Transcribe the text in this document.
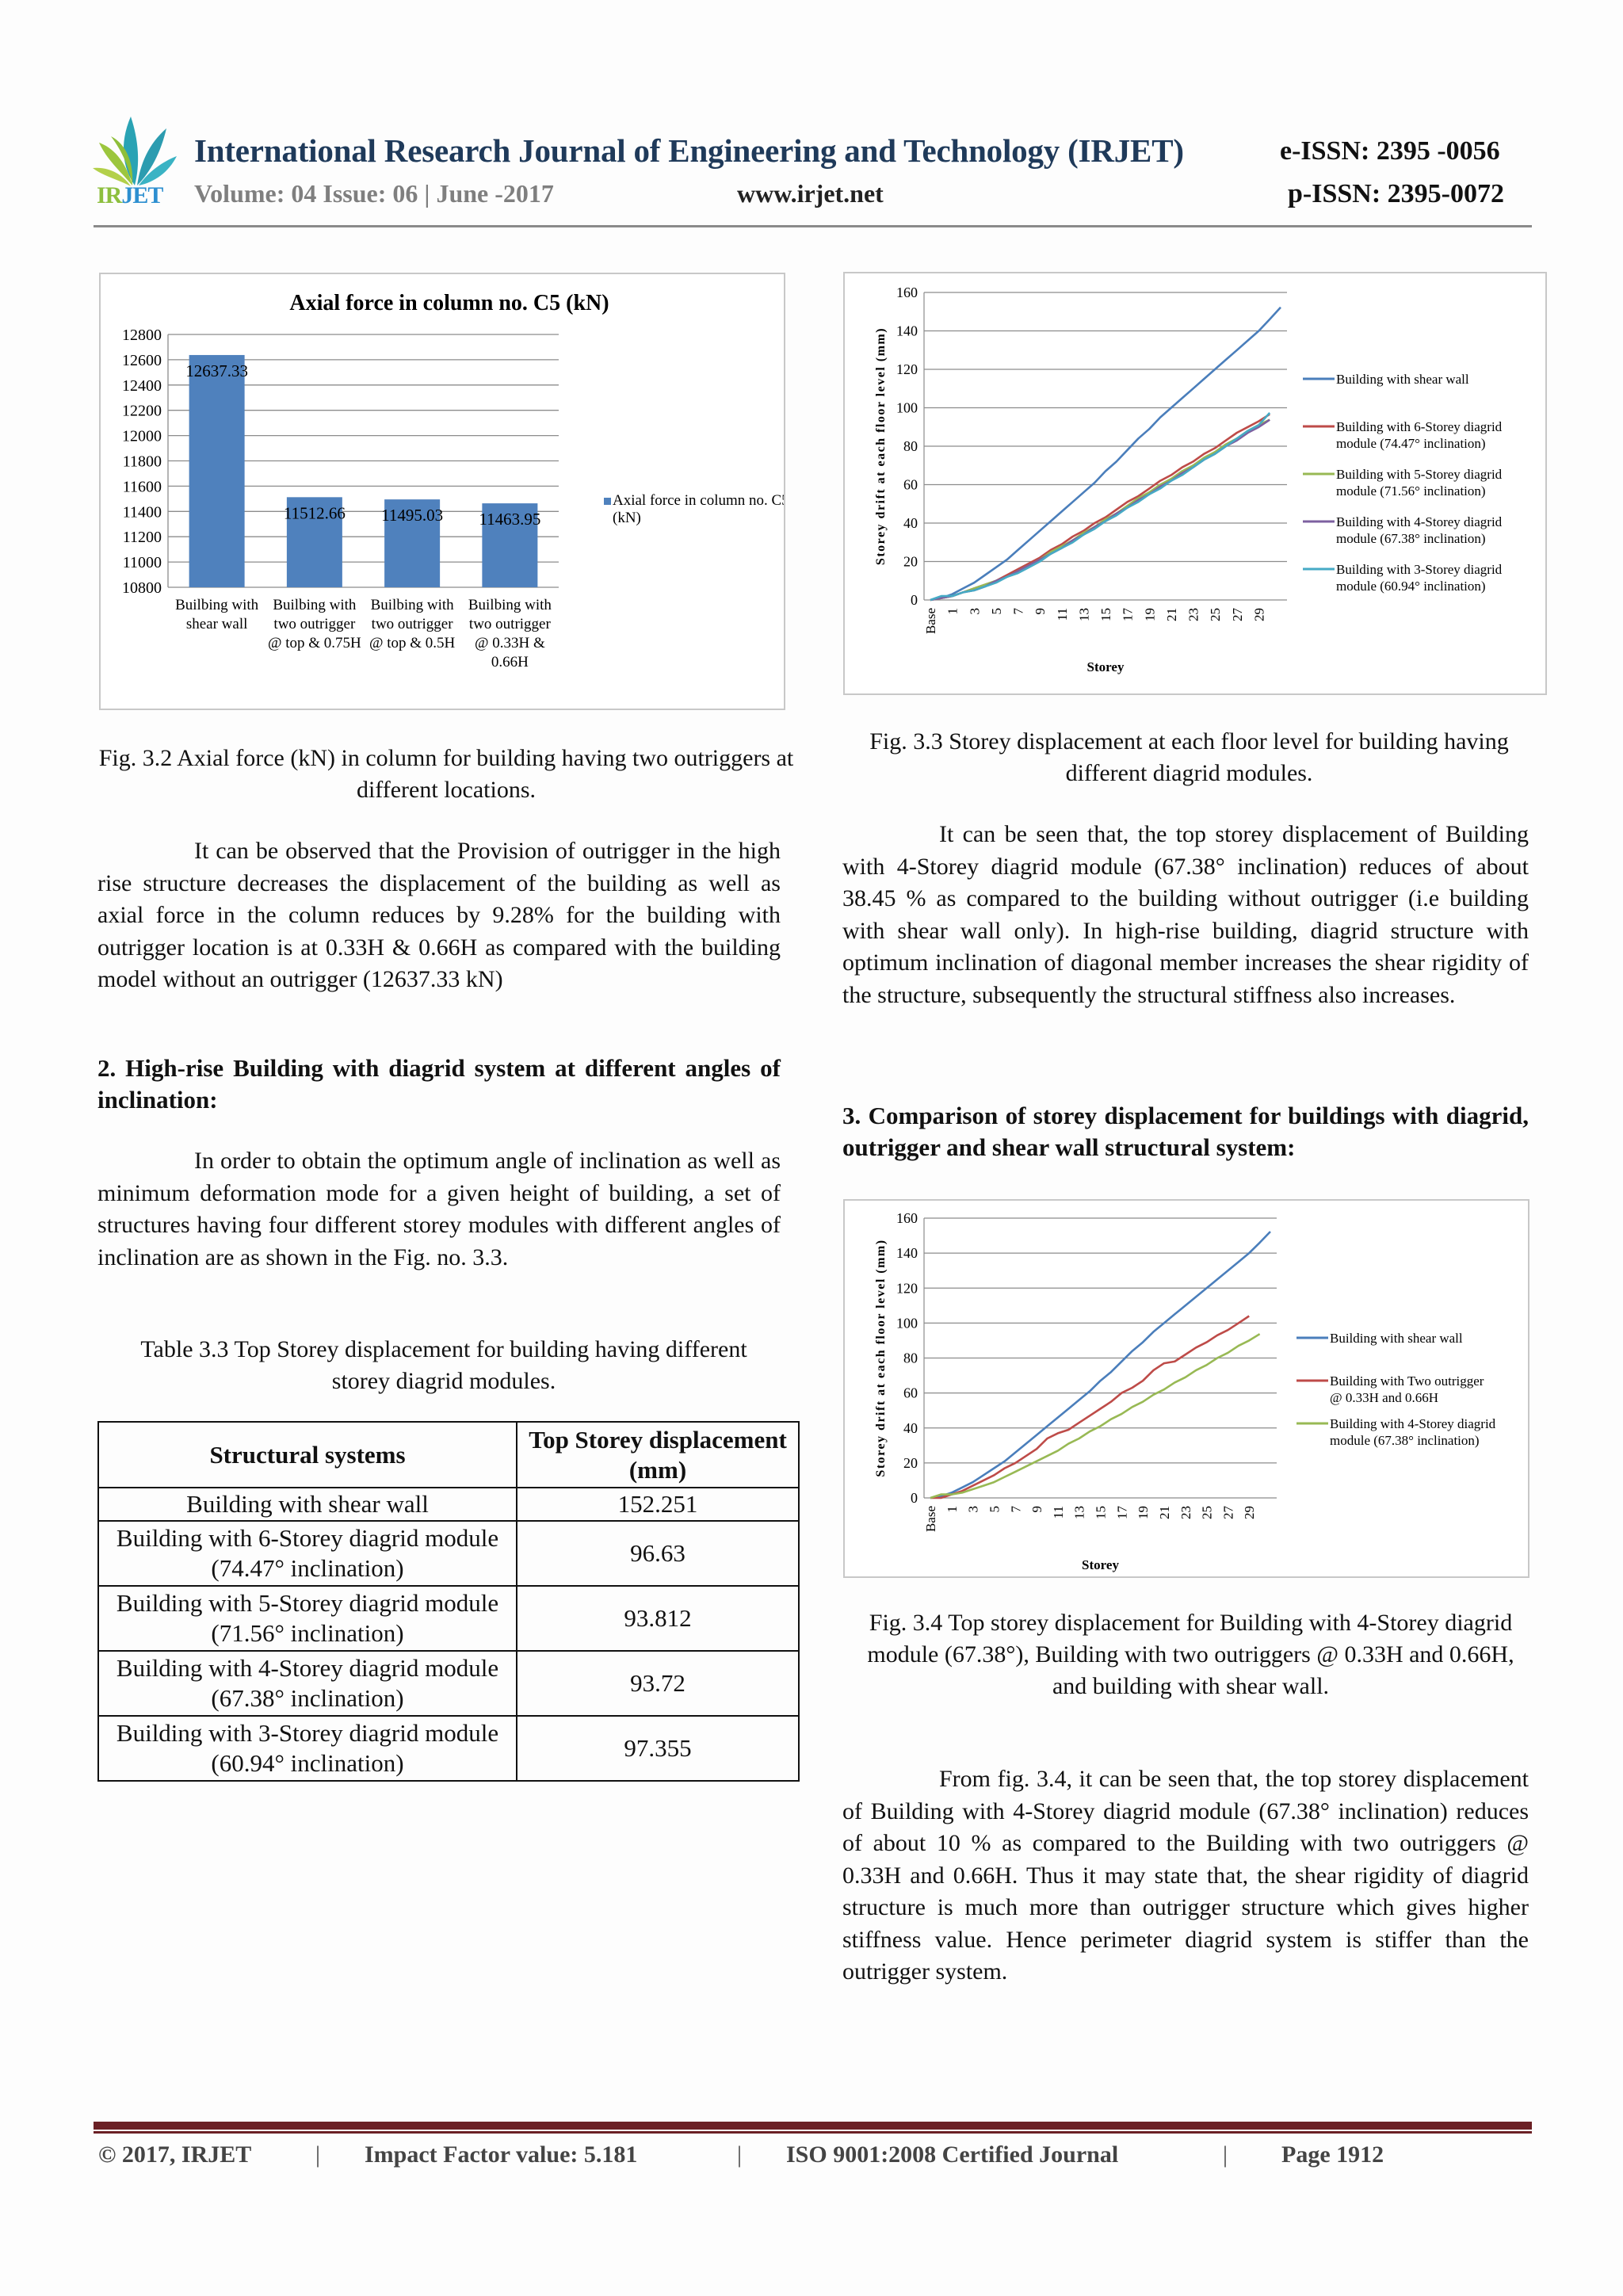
IRJET
International Research Journal of Engineering and Technology (IRJET)	e-ISSN: 2395 -0056
Volume: 04 Issue: 06 | June -2017	www.irjet.net	p-ISSN: 2395-0072
Axial force in column no. C5 (kN)
12800
12600
12400
12200
12000
11800
11600
11400
11200
11000
10800
12637.33
11512.66 11495.03 11463.95
Builbing with
shear wall
Builbing with
two outrigger
@ top & 0.75H
Builbing with
two outrigger
@ top & 0.5H
Builbing with
two outrigger
@ 0.33H &
0.66H
Axial force in column no. C5
(kN)
160
140
120
100
80
60
40
20
0
Storey drift at each floor level (mm)
Base 1 3 5 7 9 11 13 15 17 19 21 23 25 27 29
Storey
Building with shear wall
Building with 6-Storey diagrid
module (74.47° inclination)
Building with 5-Storey diagrid
module (71.56° inclination)
Building with 4-Storey diagrid
module (67.38° inclination)
Building with 3-Storey diagrid
module (60.94° inclination)
160
140
120
100
80
60
40
20
0
Storey drift at each floor level (mm)
Base 1 3 5 7 9 11 13 15 17 19 21 23 25 27 29
Storey
Building with shear wall
Building with Two outrigger
@ 0.33H and 0.66H
Building with 4-Storey diagrid
module (67.38° inclination)
Fig. 3.2 Axial force (kN) in column for building having two outriggers at different locations.
It can be observed that the Provision of outrigger in the high rise structure decreases the displacement of the building as well as axial force in the column reduces by 9.28% for the building with outrigger location is at 0.33H & 0.66H as compared with the building model without an outrigger (12637.33 kN)
2. High-rise Building with diagrid system at different angles of inclination:
In order to obtain the optimum angle of inclination as well as minimum deformation mode for a given height of building, a set of structures having four different storey modules with different angles of inclination are as shown in the Fig. no. 3.3.
Table 3.3 Top Storey displacement for building having different storey diagrid modules.
Structural systems	Top Storey displacement (mm)
Building with shear wall	152.251
Building with 6-Storey diagrid module (74.47° inclination)	96.63
Building with 5-Storey diagrid module (71.56° inclination)	93.812
Building with 4-Storey diagrid module (67.38° inclination)	93.72
Building with 3-Storey diagrid module (60.94° inclination)	97.355
Fig. 3.3 Storey displacement at each floor level for building having different diagrid modules.
It can be seen that, the top storey displacement of Building with 4-Storey diagrid module (67.38° inclination) reduces of about 38.45 % as compared to the building without outrigger (i.e building with shear wall only). In high-rise building, diagrid structure with optimum inclination of diagonal member increases the shear rigidity of the structure, subsequently the structural stiffness also increases.
3. Comparison of storey displacement for buildings with diagrid, outrigger and shear wall structural system:
Fig. 3.4 Top storey displacement for Building with 4-Storey diagrid module (67.38°), Building with two outriggers @ 0.33H and 0.66H, and building with shear wall.
From fig. 3.4, it can be seen that, the top storey displacement of Building with 4-Storey diagrid module (67.38° inclination) reduces of about 10 % as compared to the Building with two outriggers @ 0.33H and 0.66H. Thus it may state that, the shear rigidity of diagrid structure is much more than outrigger structure which gives higher stiffness value. Hence perimeter diagrid system is stiffer than the outrigger system.
© 2017, IRJET	| Impact Factor value: 5.181	| ISO 9001:2008 Certified Journal	| Page 1912
